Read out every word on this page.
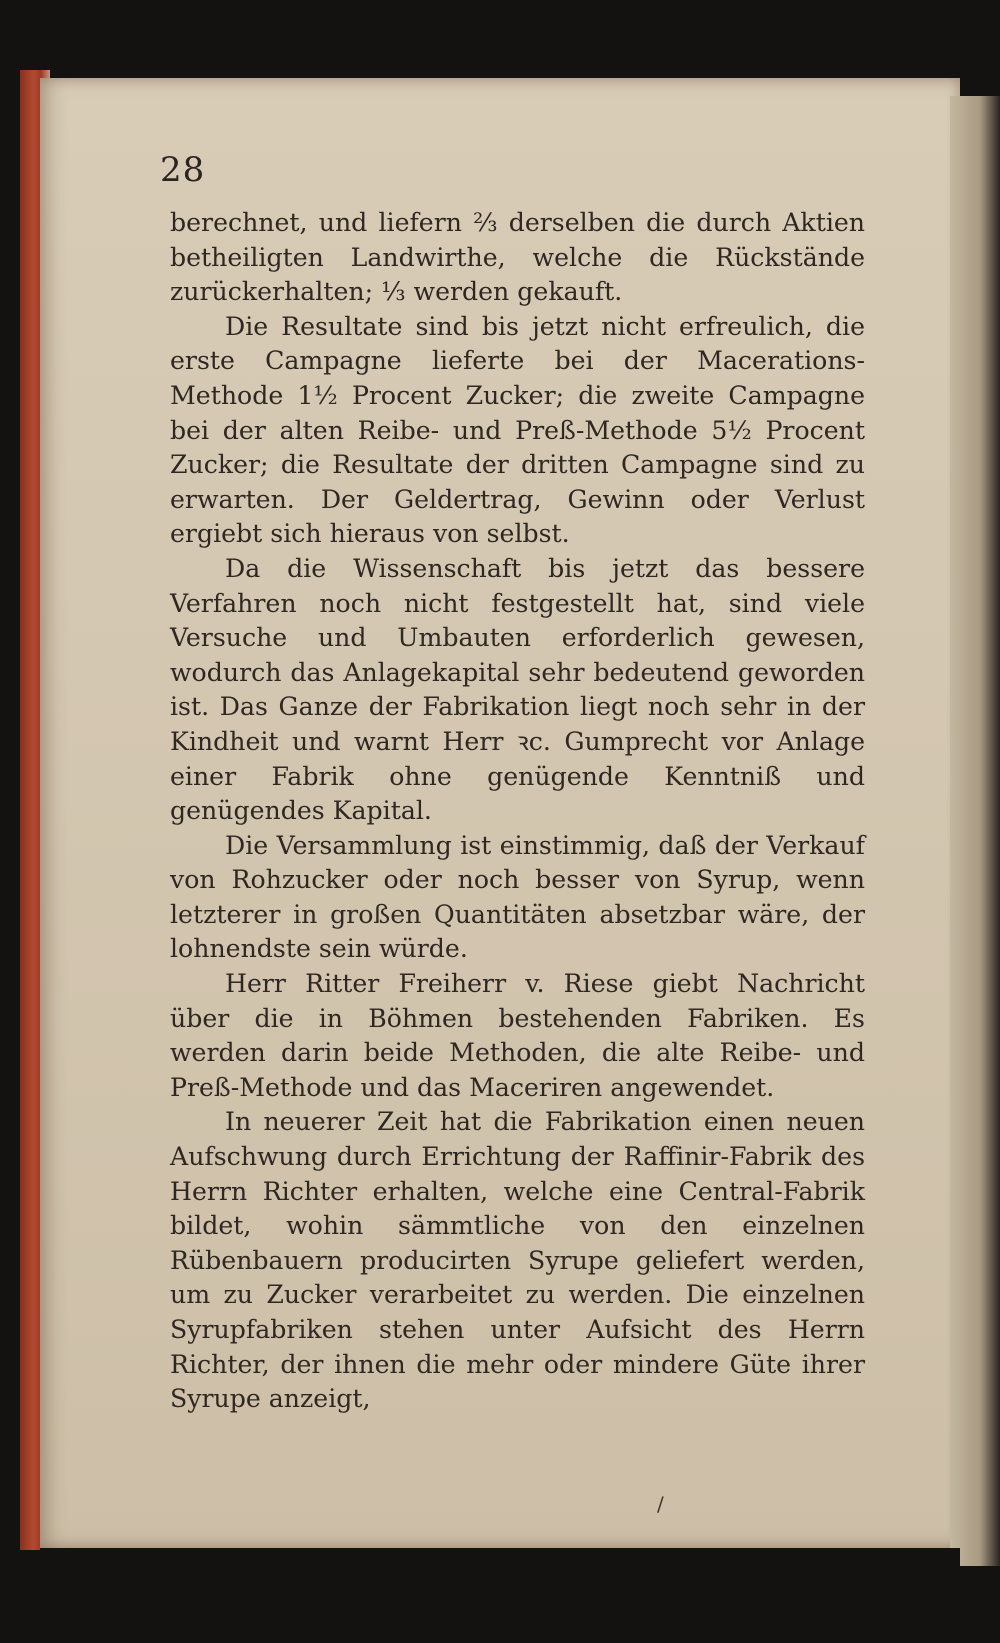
28

berechnet, und liefern ⅔ derselben die durch Aktien betheiligten Landwirthe, welche die Rückstände zurückerhalten; ⅓ werden gekauft.

Die Resultate sind bis jetzt nicht erfreulich, die erste Campagne lieferte bei der Macerations-Methode 1½ Procent Zucker; die zweite Campagne bei der alten Reibe- und Preß-Methode 5½ Procent Zucker; die Resultate der dritten Campagne sind zu erwarten. Der Geldertrag, Gewinn oder Verlust ergiebt sich hieraus von selbst.

Da die Wissenschaft bis jetzt das bessere Verfahren noch nicht festgestellt hat, sind viele Versuche und Umbauten erforderlich gewesen, wodurch das Anlagekapital sehr bedeutend geworden ist. Das Ganze der Fabrikation liegt noch sehr in der Kindheit und warnt Herr ꝛc. Gumprecht vor Anlage einer Fabrik ohne genügende Kenntniß und genügendes Kapital.

Die Versammlung ist einstimmig, daß der Verkauf von Rohzucker oder noch besser von Syrup, wenn letzterer in großen Quantitäten absetzbar wäre, der lohnendste sein würde.

Herr Ritter Freiherr v. Riese giebt Nachricht über die in Böhmen bestehenden Fabriken. Es werden darin beide Methoden, die alte Reibe- und Preß-Methode und das Maceriren angewendet.

In neuerer Zeit hat die Fabrikation einen neuen Aufschwung durch Errichtung der Raffinir-Fabrik des Herrn Richter erhalten, welche eine Central-Fabrik bildet, wohin sämmtliche von den einzelnen Rübenbauern producirten Syrupe geliefert werden, um zu Zucker verarbeitet zu werden. Die einzelnen Syrupfabriken stehen unter Aufsicht des Herrn Richter, der ihnen die mehr oder mindere Güte ihrer Syrupe anzeigt,

/
